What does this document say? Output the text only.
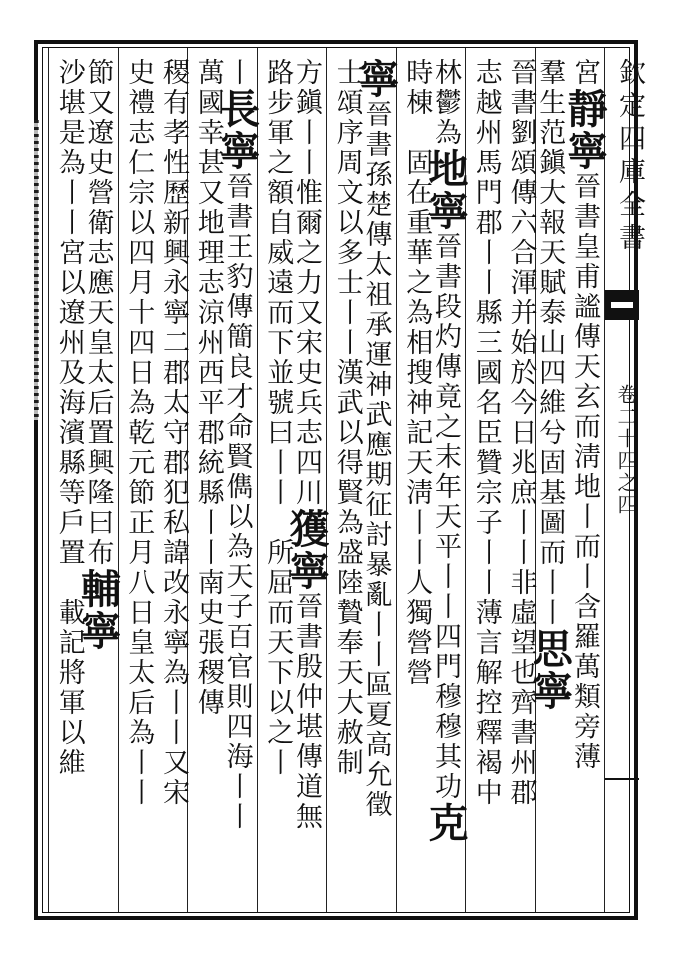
欽定四庫全書
卷二十四之四
宮靜寧晉書皇甫謐傳天玄而淸地丨而丨含羅萬類旁薄
羣生范鎭大報天賦泰山四維兮固基圖而丨丨思寧
晉書劉頌傳六合渾并始於今日兆庶丨丨非虛望也齊書州郡
志越州馬門郡丨丨縣三國名臣贊宗子丨丨薄言解控釋褐中
林鬱為地寧晉書段灼傳竟之末年天平丨丨四門穆穆其功克
時棟　固在重華之為相搜神記天淸丨丨人獨營營
寧晉書孫楚傳太祖承運神武應期征討暴亂丨丨區夏高允徵
士頌序周文以多士丨丨漢武以得賢為盛陸贄奉天大赦制
方鎭丨丨惟爾之力又宋史兵志四川獲寧晉書殷仲堪傳道無
路步軍之額自威遠而下並號曰丨丨　所屈而天下以之丨
丨長寧晉書王豹傳簡良才命賢儁以為天子百官則四海丨丨
萬國幸甚又地理志涼州西平郡統縣丨丨南史張稷傳
稷有孝性歷新興永寧二郡太守郡犯私諱改永寧為丨丨又宋
史禮志仁宗以四月十四日為乾元節正月八日皇太后為丨丨
節又遼史營衛志應天皇太后置興隆曰布輔寧
沙堪是為丨丨宮以遼州及海濱縣等戶置　載記將軍以維
